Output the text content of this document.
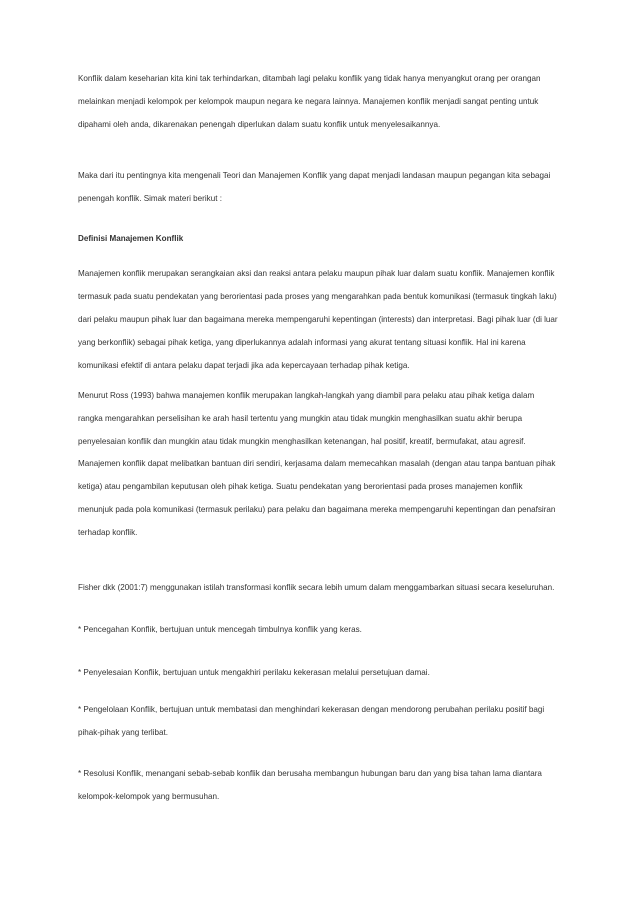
Konflik dalam keseharian kita kini tak terhindarkan, ditambah lagi pelaku konflik yang tidak hanya menyangkut orang per orangan melainkan menjadi kelompok per kelompok maupun negara ke negara lainnya. Manajemen konflik menjadi sangat penting untuk dipahami oleh anda, dikarenakan penengah diperlukan dalam suatu konflik untuk menyelesaikannya.

Maka dari itu pentingnya kita mengenali Teori dan Manajemen Konflik yang dapat menjadi landasan maupun pegangan kita sebagai penengah konflik. Simak materi berikut :

Definisi Manajemen Konflik

Manajemen konflik merupakan serangkaian aksi dan reaksi antara pelaku maupun pihak luar dalam suatu konflik. Manajemen konflik termasuk pada suatu pendekatan yang berorientasi pada proses yang mengarahkan pada bentuk komunikasi (termasuk tingkah laku) dari pelaku maupun pihak luar dan bagaimana mereka mempengaruhi kepentingan (interests) dan interpretasi. Bagi pihak luar (di luar yang berkonflik) sebagai pihak ketiga, yang diperlukannya adalah informasi yang akurat tentang situasi konflik. Hal ini karena komunikasi efektif di antara pelaku dapat terjadi jika ada kepercayaan terhadap pihak ketiga.

Menurut Ross (1993) bahwa manajemen konflik merupakan langkah-langkah yang diambil para pelaku atau pihak ketiga dalam rangka mengarahkan perselisihan ke arah hasil tertentu yang mungkin atau tidak mungkin menghasilkan suatu akhir berupa penyelesaian konflik dan mungkin atau tidak mungkin menghasilkan ketenangan, hal positif, kreatif, bermufakat, atau agresif.

Manajemen konflik dapat melibatkan bantuan diri sendiri, kerjasama dalam memecahkan masalah (dengan atau tanpa bantuan pihak ketiga) atau pengambilan keputusan oleh pihak ketiga. Suatu pendekatan yang berorientasi pada proses manajemen konflik menunjuk pada pola komunikasi (termasuk perilaku) para pelaku dan bagaimana mereka mempengaruhi kepentingan dan penafsiran terhadap konflik.

Fisher dkk (2001:7) menggunakan istilah transformasi konflik secara lebih umum dalam menggambarkan situasi secara keseluruhan.

* Pencegahan Konflik, bertujuan untuk mencegah timbulnya konflik yang keras.

* Penyelesaian Konflik, bertujuan untuk mengakhiri perilaku kekerasan melalui persetujuan damai.

* Pengelolaan Konflik, bertujuan untuk membatasi dan menghindari kekerasan dengan mendorong perubahan perilaku positif bagi pihak-pihak yang terlibat.

* Resolusi Konflik, menangani sebab-sebab konflik dan berusaha membangun hubungan baru dan yang bisa tahan lama diantara kelompok-kelompok yang bermusuhan.
